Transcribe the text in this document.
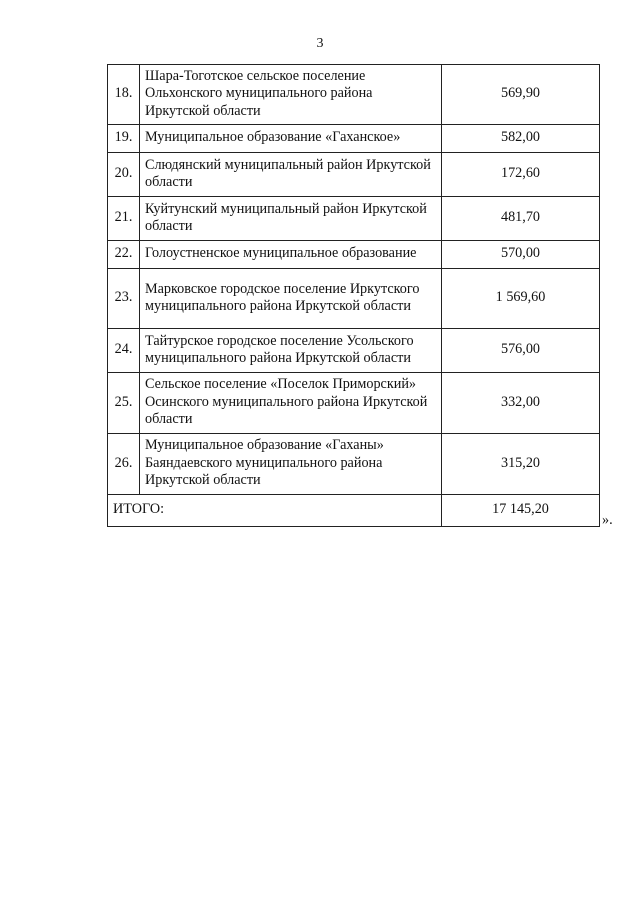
3
18.	Шара-Тоготское сельское поселение Ольхонского муниципального района Иркутской области	569,90
19.	Муниципальное образование «Гаханское»	582,00
20.	Слюдянский муниципальный район Иркутской области	172,60
21.	Куйтунский муниципальный район Иркутской области	481,70
22.	Голоустненское муниципальное образование	570,00
23.	Марковское городское поселение Иркутского муниципального района Иркутской области	1 569,60
24.	Тайтурское городское поселение Усольского муниципального района Иркутской области	576,00
25.	Сельское поселение «Поселок Приморский» Осинского муниципального района Иркутской области	332,00
26.	Муниципальное образование «Гаханы» Баяндаевского муниципального района Иркутской области	315,20
ИТОГО:		17 145,20
».
